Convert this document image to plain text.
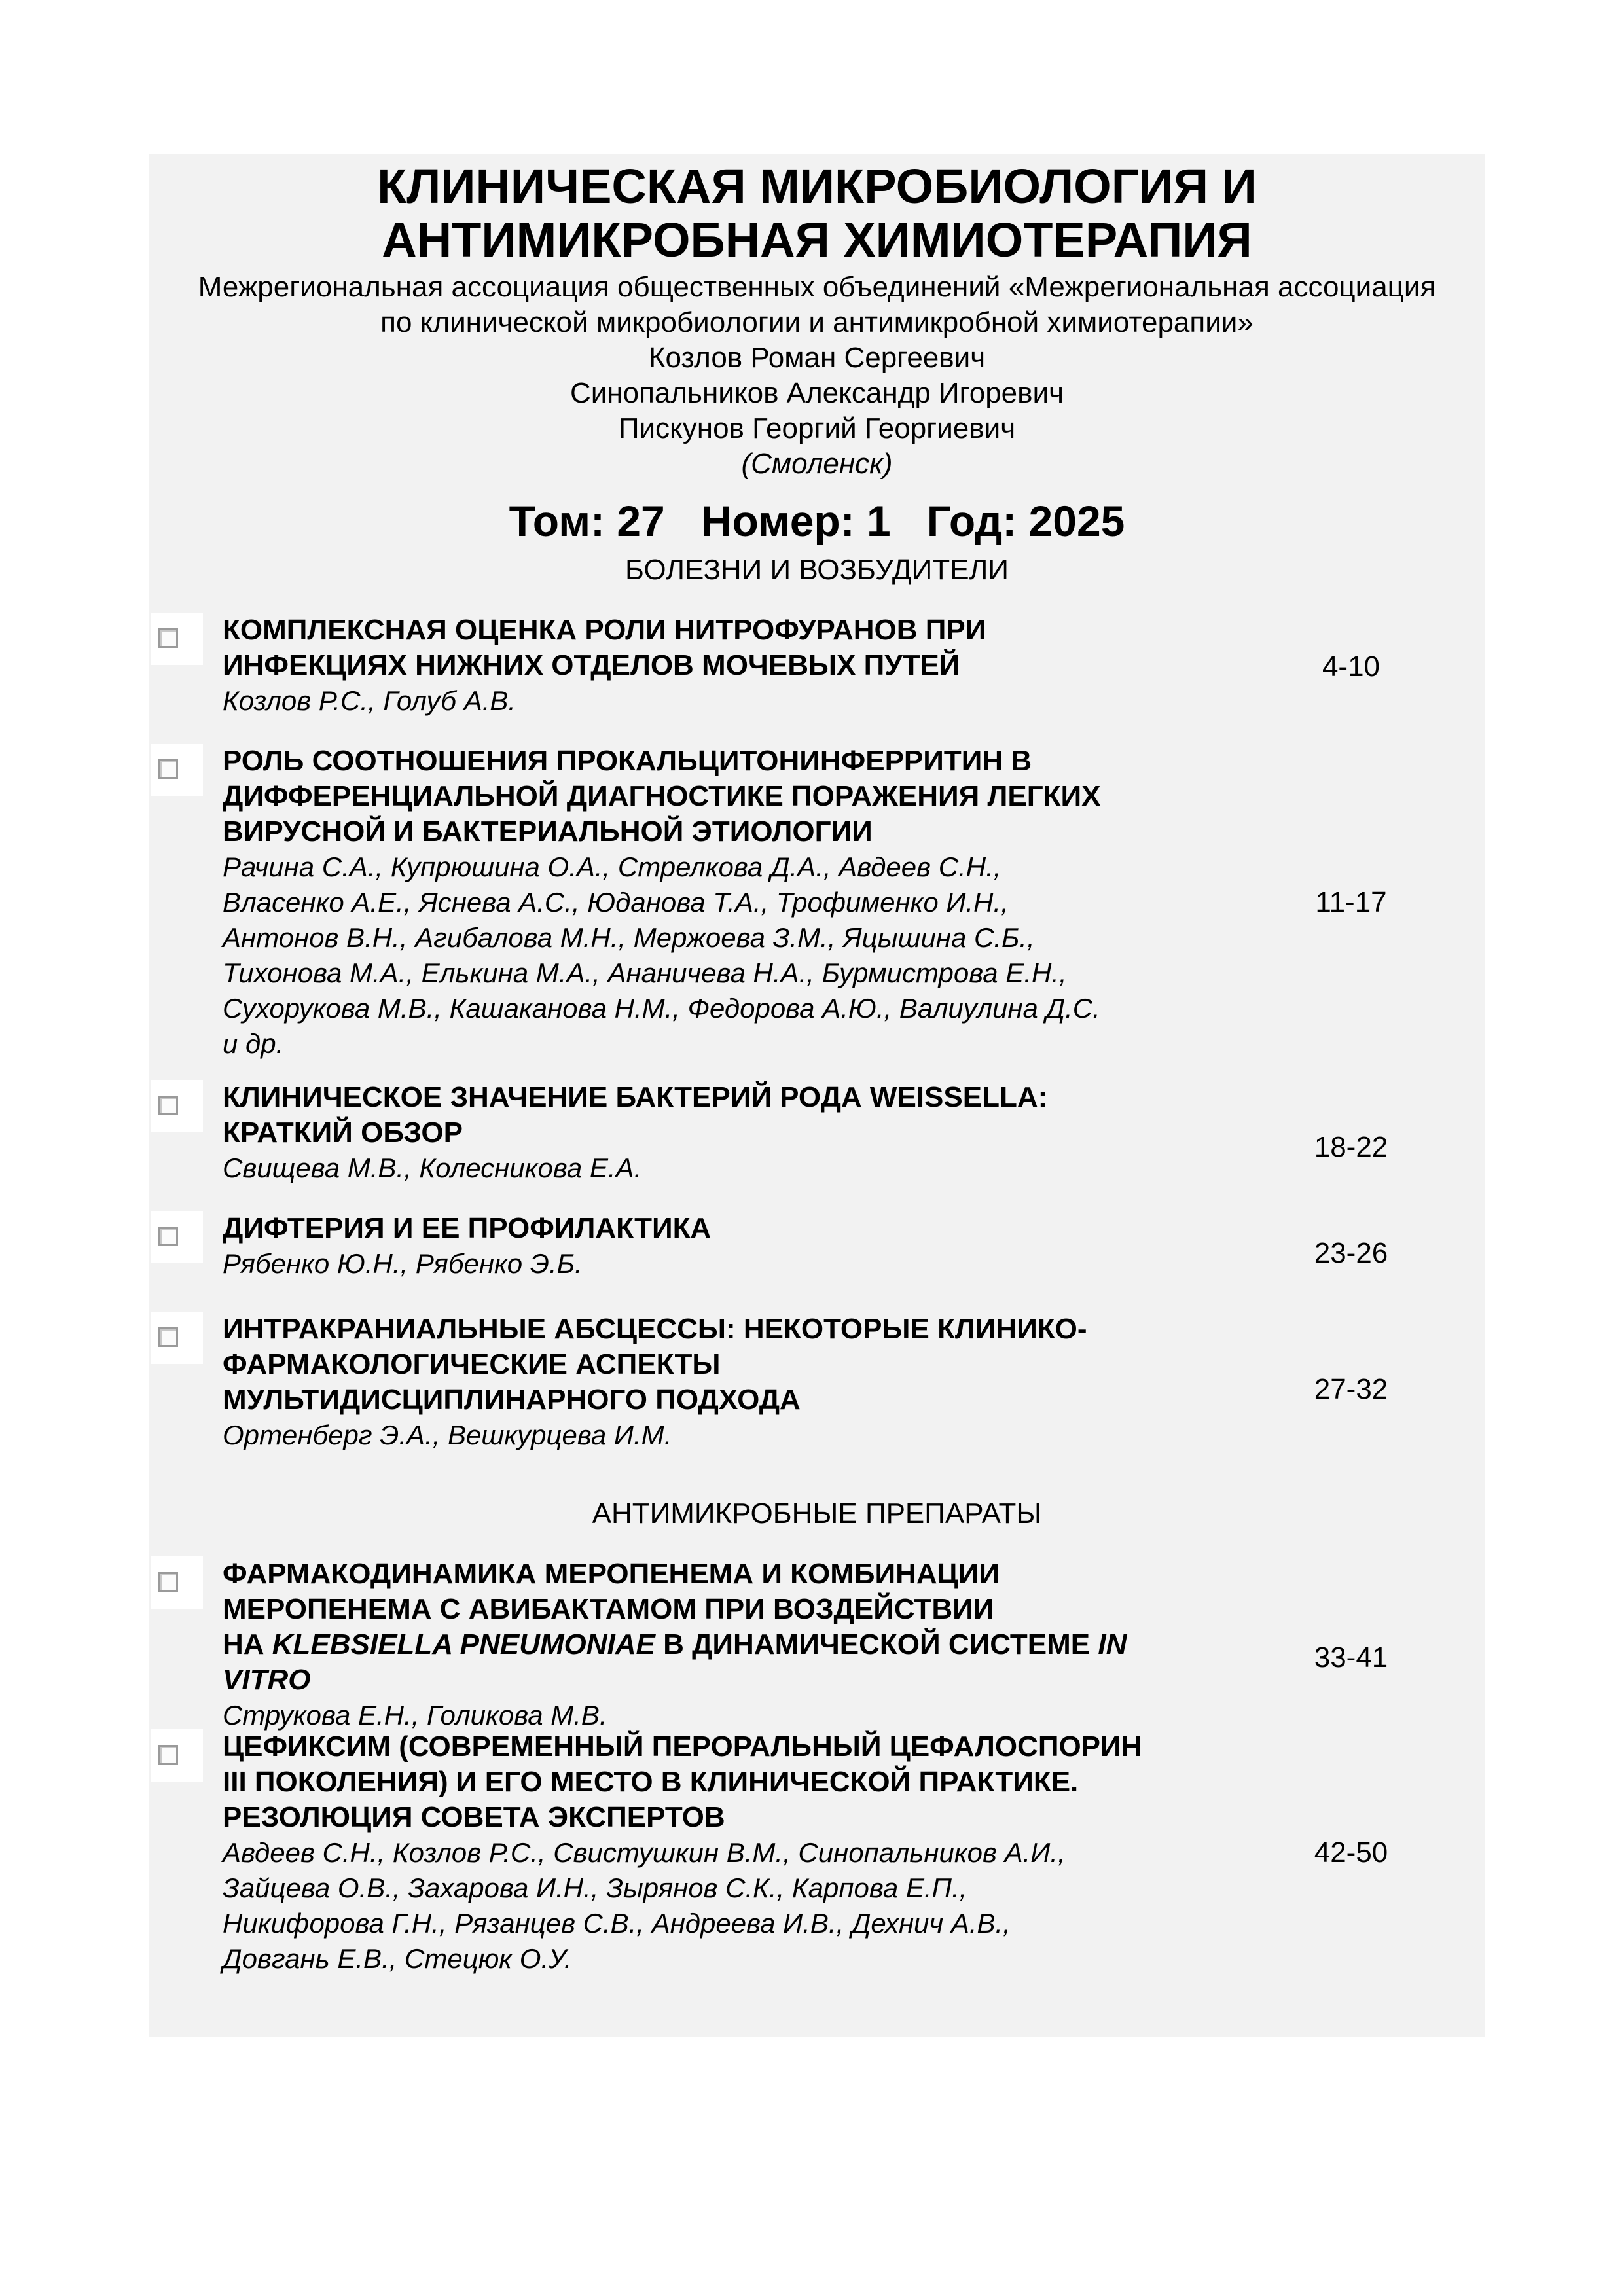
КЛИНИЧЕСКАЯ МИКРОБИОЛОГИЯ И
АНТИМИКРОБНАЯ ХИМИОТЕРАПИЯ
Межрегиональная ассоциация общественных объединений «Межрегиональная ассоциация
по клинической микробиологии и антимикробной химиотерапии»
Козлов Роман Сергеевич
Синопальников Александр Игоревич
Пискунов Георгий Георгиевич
(Смоленск)
Том: 27   Номер: 1   Год: 2025
БОЛЕЗНИ И ВОЗБУДИТЕЛИ
КОМПЛЕКСНАЯ ОЦЕНКА РОЛИ НИТРОФУРАНОВ ПРИ
ИНФЕКЦИЯХ НИЖНИХ ОТДЕЛОВ МОЧЕВЫХ ПУТЕЙ
Козлов Р.С., Голуб А.В.
4-10
РОЛЬ СООТНОШЕНИЯ ПРОКАЛЬЦИТОНИНФЕРРИТИН В
ДИФФЕРЕНЦИАЛЬНОЙ ДИАГНОСТИКЕ ПОРАЖЕНИЯ ЛЕГКИХ
ВИРУСНОЙ И БАКТЕРИАЛЬНОЙ ЭТИОЛОГИИ
Рачина С.А., Купрюшина О.А., Стрелкова Д.А., Авдеев С.Н.,
Власенко А.Е., Яснева А.С., Юданова Т.А., Трофименко И.Н.,
Антонов В.Н., Агибалова М.Н., Мержоева З.М., Яцышина С.Б.,
Тихонова М.А., Елькина М.А., Ананичева Н.А., Бурмистрова Е.Н.,
Сухорукова М.В., Кашаканова Н.М., Федорова А.Ю., Валиулина Д.С.
и др.
11-17
КЛИНИЧЕСКОЕ ЗНАЧЕНИЕ БАКТЕРИЙ РОДА WEISSELLA:
КРАТКИЙ ОБЗОР
Свищева М.В., Колесникова Е.А.
18-22
ДИФТЕРИЯ И ЕЕ ПРОФИЛАКТИКА
Рябенко Ю.Н., Рябенко Э.Б.	23-26
ИНТРАКРАНИАЛЬНЫЕ АБСЦЕССЫ: НЕКОТОРЫЕ КЛИНИКО-
ФАРМАКОЛОГИЧЕСКИЕ АСПЕКТЫ
МУЛЬТИДИСЦИПЛИНАРНОГО ПОДХОДА
Ортенберг Э.А., Вешкурцева И.М.
27-32
АНТИМИКРОБНЫЕ ПРЕПАРАТЫ
ФАРМАКОДИНАМИКА МЕРОПЕНЕМА И КОМБИНАЦИИ
МЕРОПЕНЕМА С АВИБАКТАМОМ ПРИ ВОЗДЕЙСТВИИ
НА KLEBSIELLA PNEUMONIAE В ДИНАМИЧЕСКОЙ СИСТЕМЕ IN
VITRO
Струкова Е.Н., Голикова М.В.
33-41
ЦЕФИКСИМ (СОВРЕМЕННЫЙ ПЕРОРАЛЬНЫЙ ЦЕФАЛОСПОРИН
III ПОКОЛЕНИЯ) И ЕГО МЕСТО В КЛИНИЧЕСКОЙ ПРАКТИКЕ.
РЕЗОЛЮЦИЯ СОВЕТА ЭКСПЕРТОВ
Авдеев С.Н., Козлов Р.С., Свистушкин В.М., Синопальников А.И.,
Зайцева О.В., Захарова И.Н., Зырянов С.К., Карпова Е.П.,
Никифорова Г.Н., Рязанцев С.В., Андреева И.В., Дехнич А.В.,
Довгань Е.В., Стецюк О.У.
42-50
